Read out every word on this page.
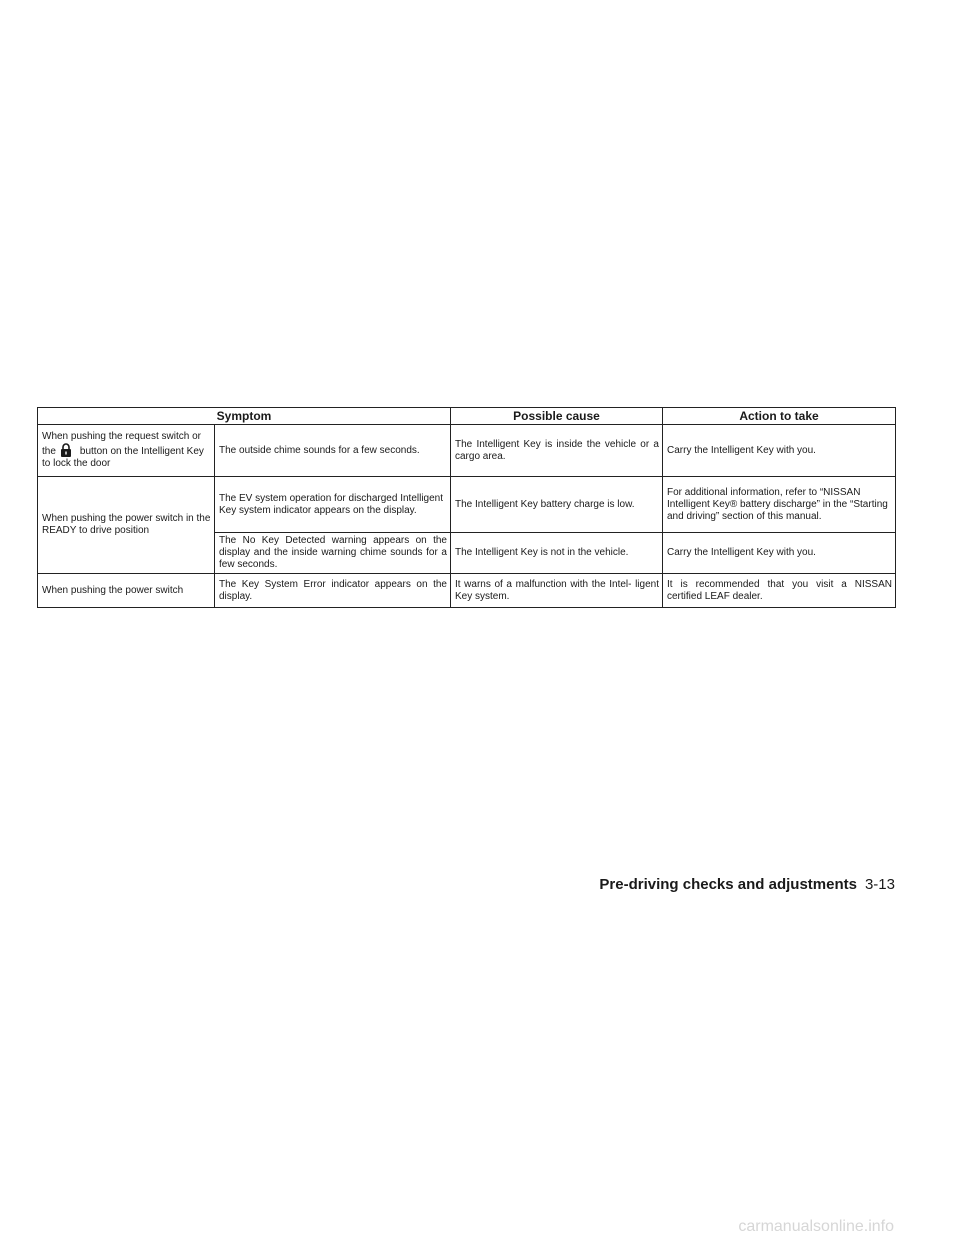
Symptom		Possible cause	Action to take
When pushing the request switch or the button on the Intelligent Key to lock the door	The outside chime sounds for a few seconds.	The Intelligent Key is inside the vehicle or a cargo area.	Carry the Intelligent Key with you.
When pushing the power switch in the READY to drive position	The EV system operation for discharged Intelligent Key system indicator appears on the display.	The Intelligent Key battery charge is low.	For additional information, refer to “NISSAN Intelligent Key® battery discharge” in the “Starting and driving” section of this manual.
	The No Key Detected warning appears on the display and the inside warning chime sounds for a few seconds.	The Intelligent Key is not in the vehicle.	Carry the Intelligent Key with you.
When pushing the power switch	The Key System Error indicator appears on the display.	It warns of a malfunction with the Intel- ligent Key system.	It is recommended that you visit a NISSAN certified LEAF dealer.
Pre-driving checks and adjustments 3-13
carmanualsonline.info
